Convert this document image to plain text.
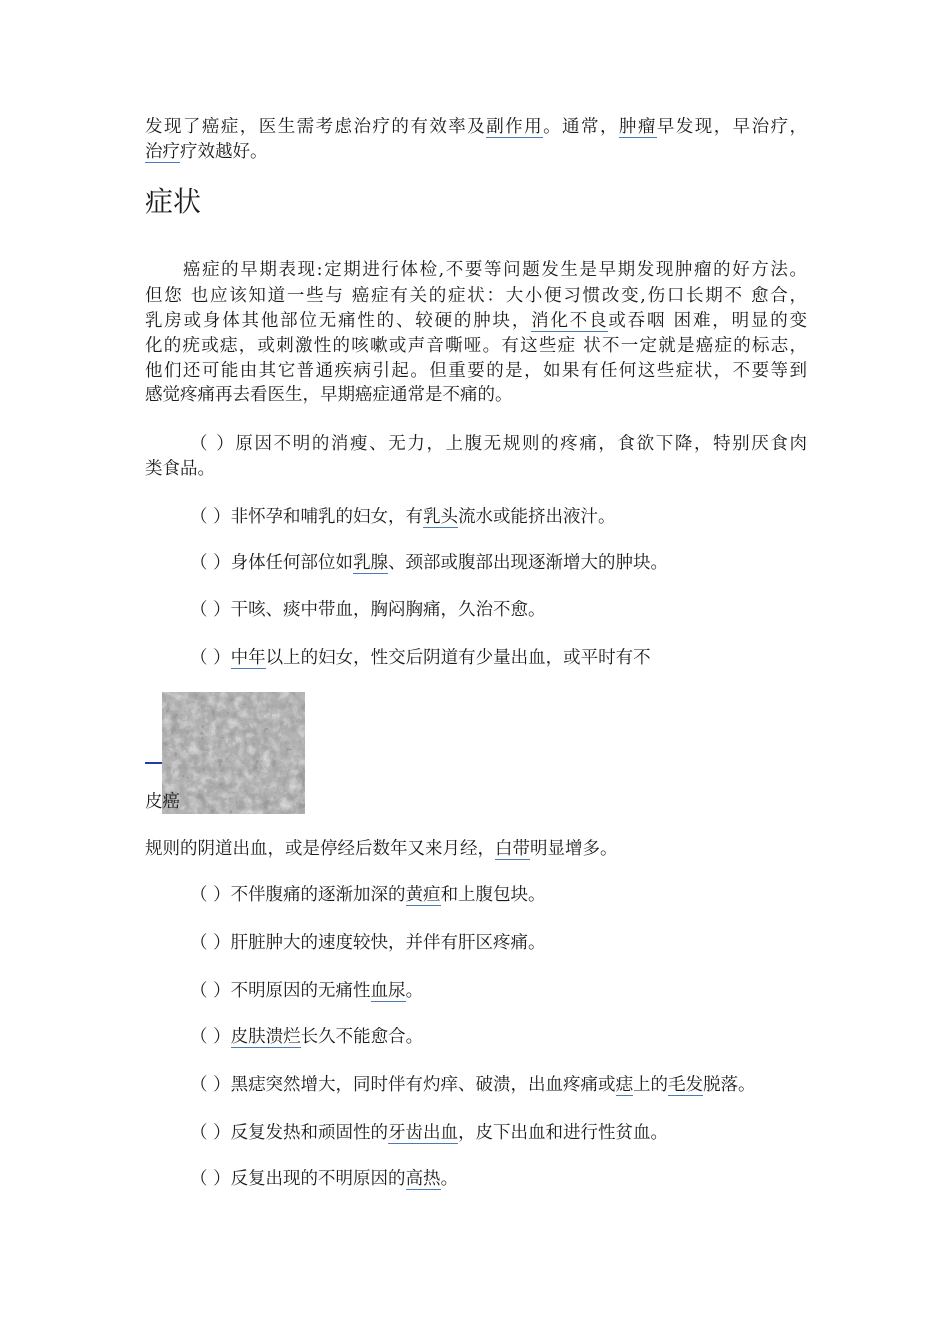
发现了癌症，医生需考虑治疗的有效率及副作用。通常，肿瘤早发现，早治疗，
治疗疗效越好。
症状
癌症的早期表现:定期进行体检,不要等问题发生是早期发现肿瘤的好方法。
但您 也应该知道一些与 癌症有关的症状：大小便习惯改变,伤口长期不 愈合，
乳房或身体其他部位无痛性的、较硬的肿块，消化不良或吞咽 困难，明显的变
化的疣或痣，或刺激性的咳嗽或声音嘶哑。有这些症 状不一定就是癌症的标志，
他们还可能由其它普通疾病引起。但重要的是，如果有任何这些症状，不要等到
感觉疼痛再去看医生，早期癌症通常是不痛的。
（ ）原因不明的消瘦、无力，上腹无规则的疼痛，食欲下降，特别厌食肉
类食品。
（ ）非怀孕和哺乳的妇女，有乳头流水或能挤出液汁。
（ ）身体任何部位如乳腺、颈部或腹部出现逐渐增大的肿块。
（ ）干咳、痰中带血，胸闷胸痛，久治不愈。
（ ）中年以上的妇女，性交后阴道有少量出血，或平时有不
皮癌
规则的阴道出血，或是停经后数年又来月经，白带明显增多。
（ ）不伴腹痛的逐渐加深的黄疸和上腹包块。
（ ）肝脏肿大的速度较快，并伴有肝区疼痛。
（ ）不明原因的无痛性血尿。
（ ）皮肤溃烂长久不能愈合。
（ ）黑痣突然增大，同时伴有灼痒、破溃，出血疼痛或痣上的毛发脱落。
（ ）反复发热和顽固性的牙齿出血，皮下出血和进行性贫血。
（ ）反复出现的不明原因的高热。
